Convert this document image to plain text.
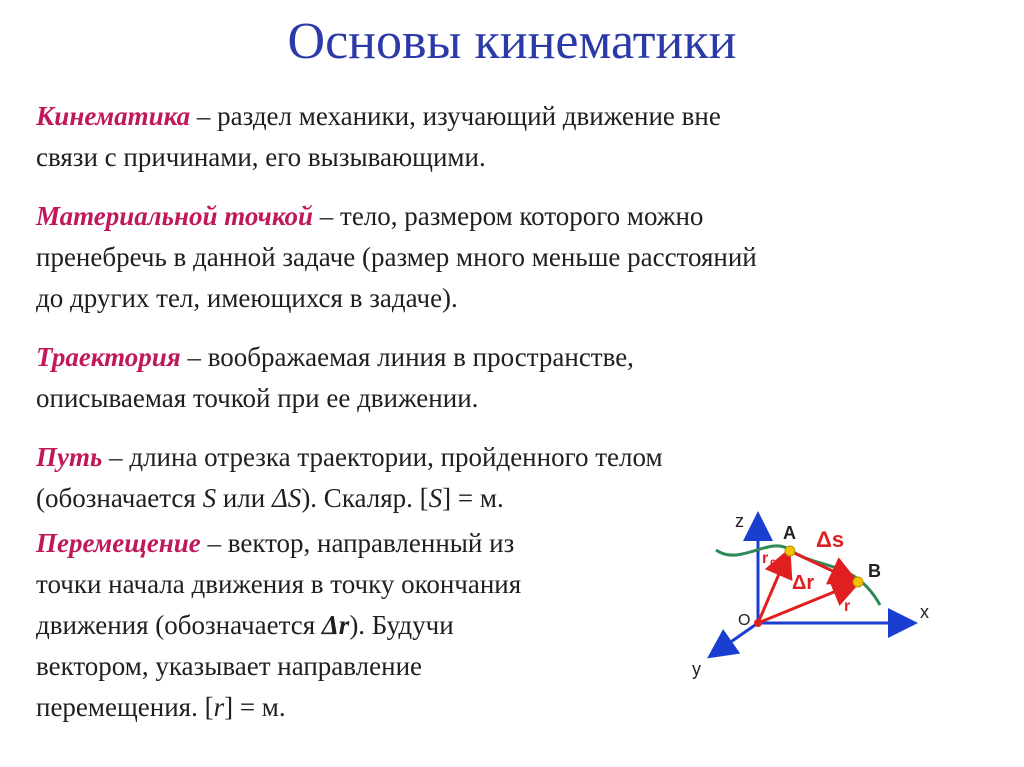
Основы кинематики
Кинематика – раздел механики, изучающий движение вне
связи с причинами, его вызывающими.
Материальной точкой – тело, размером которого можно
пренебречь в данной задаче (размер много меньше расстояний
до других тел, имеющихся в задаче).
Траектория – воображаемая линия в пространстве,
описываемая точкой при ее движении.
Путь – длина отрезка траектории, пройденного телом
(обозначается S или ΔS). Скаляр. [S] = м.
Перемещение – вектор, направленный из
точки начала движения в точку окончания
движения (обозначается Δr). Будучи
вектором, указывает направление
перемещения. [r] = м.
z
x
y
O
A
B
Δs
Δr
r 0
r
